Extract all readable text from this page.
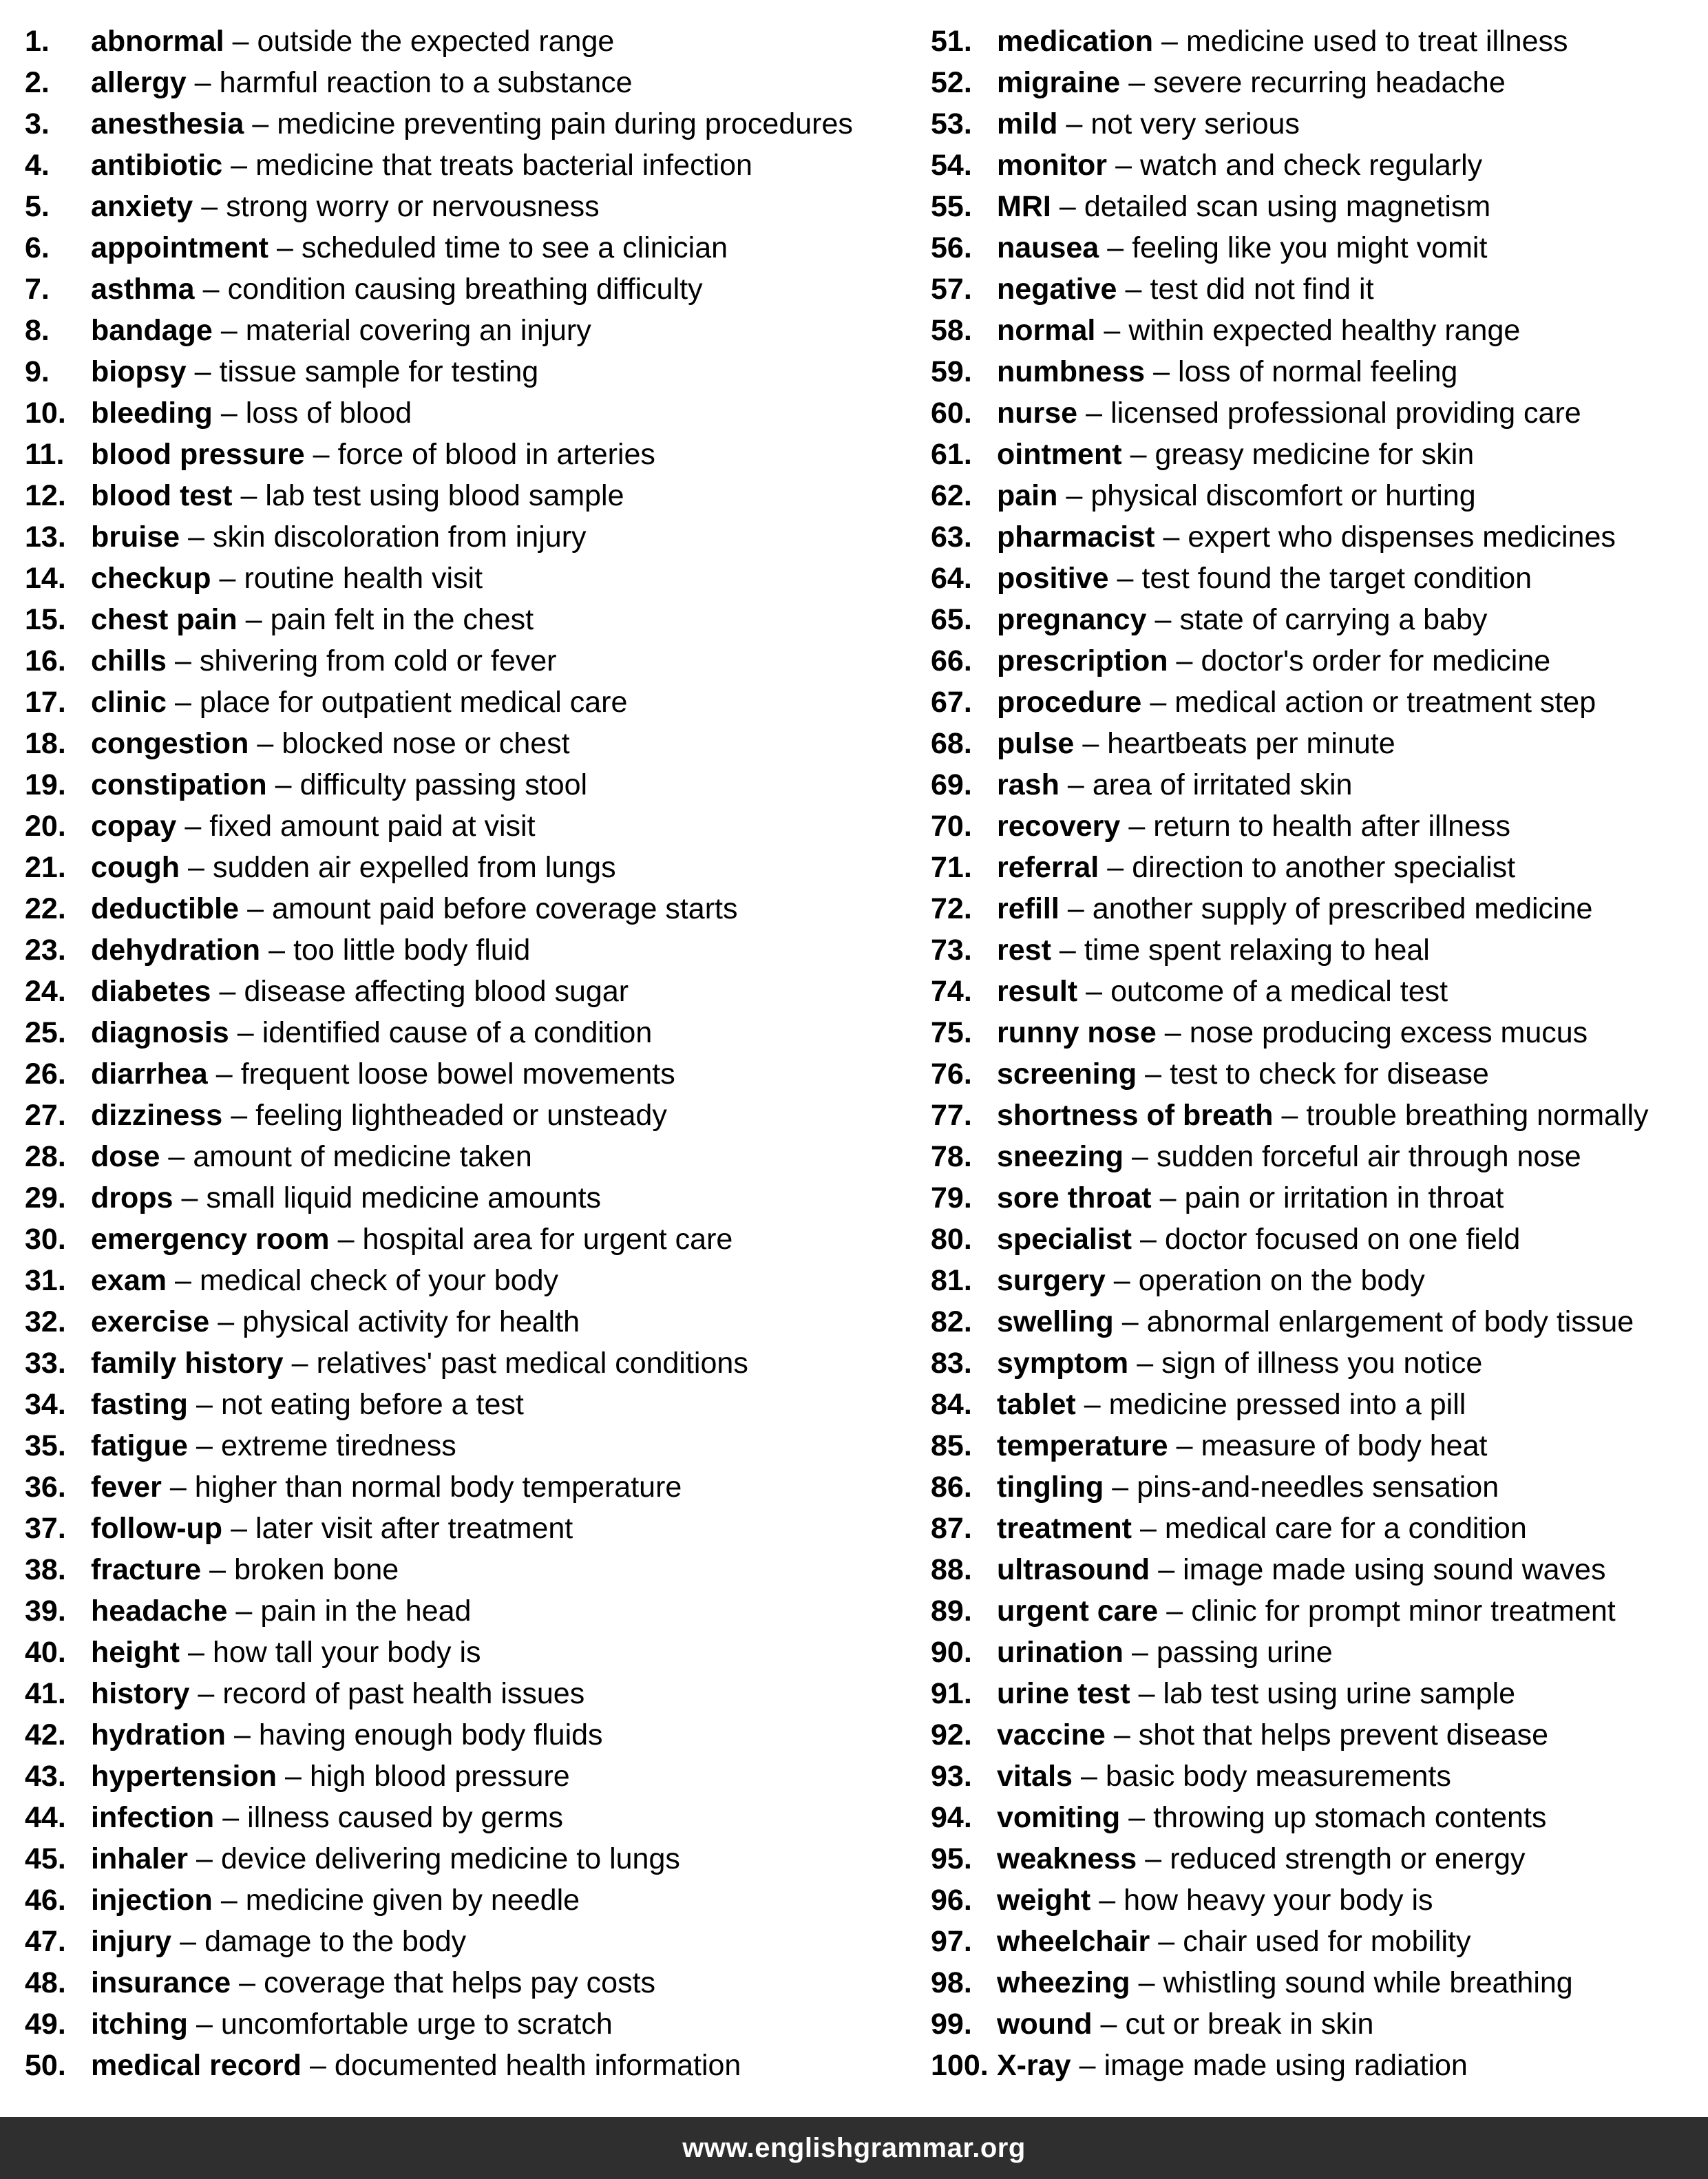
1. abnormal – outside the expected range
2. allergy – harmful reaction to a substance
3. anesthesia – medicine preventing pain during procedures
4. antibiotic – medicine that treats bacterial infection
5. anxiety – strong worry or nervousness
6. appointment – scheduled time to see a clinician
7. asthma – condition causing breathing difficulty
8. bandage – material covering an injury
9. biopsy – tissue sample for testing
10. bleeding – loss of blood
11. blood pressure – force of blood in arteries
12. blood test – lab test using blood sample
13. bruise – skin discoloration from injury
14. checkup – routine health visit
15. chest pain – pain felt in the chest
16. chills – shivering from cold or fever
17. clinic – place for outpatient medical care
18. congestion – blocked nose or chest
19. constipation – difficulty passing stool
20. copay – fixed amount paid at visit
21. cough – sudden air expelled from lungs
22. deductible – amount paid before coverage starts
23. dehydration – too little body fluid
24. diabetes – disease affecting blood sugar
25. diagnosis – identified cause of a condition
26. diarrhea – frequent loose bowel movements
27. dizziness – feeling lightheaded or unsteady
28. dose – amount of medicine taken
29. drops – small liquid medicine amounts
30. emergency room – hospital area for urgent care
31. exam – medical check of your body
32. exercise – physical activity for health
33. family history – relatives' past medical conditions
34. fasting – not eating before a test
35. fatigue – extreme tiredness
36. fever – higher than normal body temperature
37. follow-up – later visit after treatment
38. fracture – broken bone
39. headache – pain in the head
40. height – how tall your body is
41. history – record of past health issues
42. hydration – having enough body fluids
43. hypertension – high blood pressure
44. infection – illness caused by germs
45. inhaler – device delivering medicine to lungs
46. injection – medicine given by needle
47. injury – damage to the body
48. insurance – coverage that helps pay costs
49. itching – uncomfortable urge to scratch
50. medical record – documented health information
51. medication – medicine used to treat illness
52. migraine – severe recurring headache
53. mild – not very serious
54. monitor – watch and check regularly
55. MRI – detailed scan using magnetism
56. nausea – feeling like you might vomit
57. negative – test did not find it
58. normal – within expected healthy range
59. numbness – loss of normal feeling
60. nurse – licensed professional providing care
61. ointment – greasy medicine for skin
62. pain – physical discomfort or hurting
63. pharmacist – expert who dispenses medicines
64. positive – test found the target condition
65. pregnancy – state of carrying a baby
66. prescription – doctor's order for medicine
67. procedure – medical action or treatment step
68. pulse – heartbeats per minute
69. rash – area of irritated skin
70. recovery – return to health after illness
71. referral – direction to another specialist
72. refill – another supply of prescribed medicine
73. rest – time spent relaxing to heal
74. result – outcome of a medical test
75. runny nose – nose producing excess mucus
76. screening – test to check for disease
77. shortness of breath – trouble breathing normally
78. sneezing – sudden forceful air through nose
79. sore throat – pain or irritation in throat
80. specialist – doctor focused on one field
81. surgery – operation on the body
82. swelling – abnormal enlargement of body tissue
83. symptom – sign of illness you notice
84. tablet – medicine pressed into a pill
85. temperature – measure of body heat
86. tingling – pins-and-needles sensation
87. treatment – medical care for a condition
88. ultrasound – image made using sound waves
89. urgent care – clinic for prompt minor treatment
90. urination – passing urine
91. urine test – lab test using urine sample
92. vaccine – shot that helps prevent disease
93. vitals – basic body measurements
94. vomiting – throwing up stomach contents
95. weakness – reduced strength or energy
96. weight – how heavy your body is
97. wheelchair – chair used for mobility
98. wheezing – whistling sound while breathing
99. wound – cut or break in skin
100. X-ray – image made using radiation
www.englishgrammar.org
